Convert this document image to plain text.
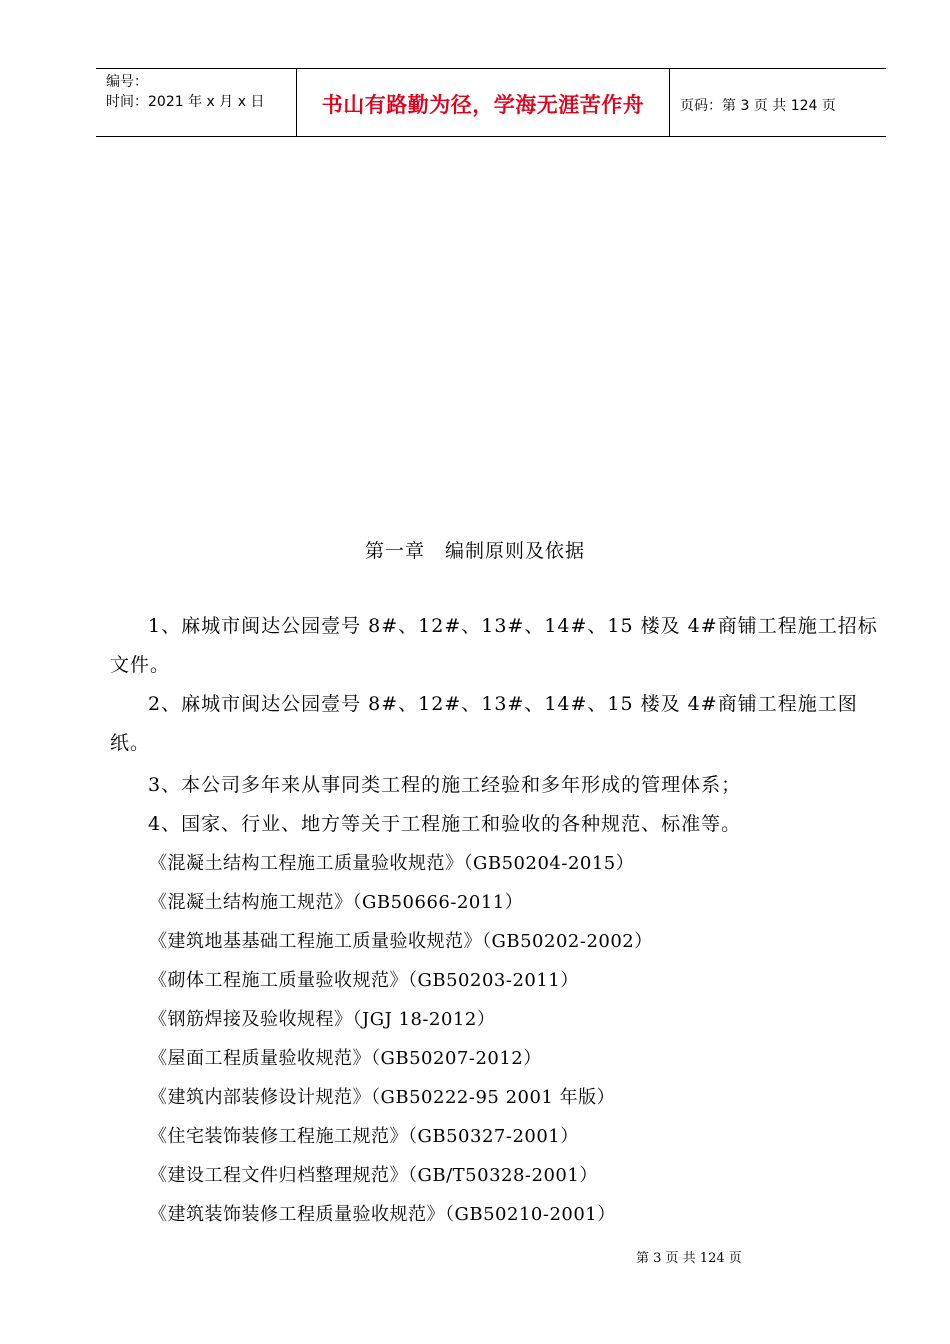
编号：
时间：2021 年 x 月 x 日	书山有路勤为径，学海无涯苦作舟	页码：第 3 页 共 124 页
第一章　编制原则及依据
1、麻城市闽达公园壹号 8#、12#、13#、14#、15 楼及 4#商铺工程施工招标文件。
2、麻城市闽达公园壹号 8#、12#、13#、14#、15 楼及 4#商铺工程施工图纸。
3、本公司多年来从事同类工程的施工经验和多年形成的管理体系；
4、国家、行业、地方等关于工程施工和验收的各种规范、标准等。
《混凝土结构工程施工质量验收规范》（GB50204-2015）
《混凝土结构施工规范》（GB50666-2011）
《建筑地基基础工程施工质量验收规范》（GB50202-2002）
《砌体工程施工质量验收规范》（GB50203-2011）
《钢筋焊接及验收规程》（JGJ 18-2012）
《屋面工程质量验收规范》（GB50207-2012）
《建筑内部装修设计规范》（GB50222-95 2001 年版）
《住宅装饰装修工程施工规范》（GB50327-2001）
《建设工程文件归档整理规范》（GB/T50328-2001）
《建筑装饰装修工程质量验收规范》（GB50210-2001）
第 3 页 共 124 页
